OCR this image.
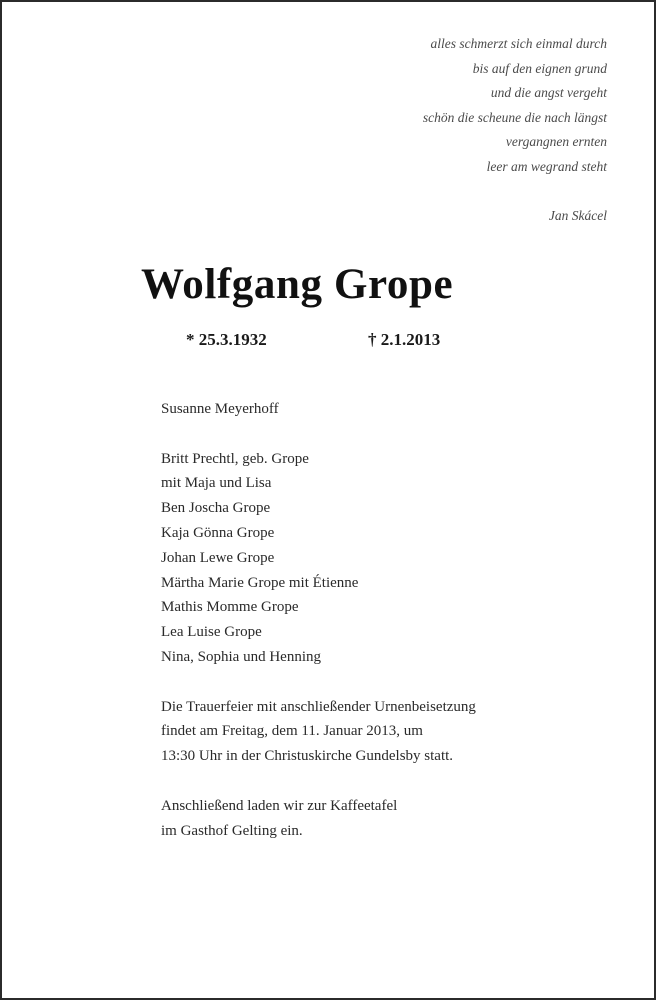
alles schmerzt sich einmal durch
bis auf den eignen grund
und die angst vergeht
schön die scheune die nach längst
vergangnen ernten
leer am wegrand steht
Jan Skácel
Wolfgang Grope
* 25.3.1932	† 2.1.2013
Susanne Meyerhoff
Britt Prechtl, geb. Grope
mit Maja und Lisa
Ben Joscha Grope
Kaja Gönna Grope
Johan Lewe Grope
Märtha Marie Grope mit Étienne
Mathis Momme Grope
Lea Luise Grope
Nina, Sophia und Henning
Die Trauerfeier mit anschließender Urnenbeisetzung
findet am Freitag, dem 11. Januar 2013, um
13:30 Uhr in der Christuskirche Gundelsby statt.
Anschließend laden wir zur Kaffeetafel
im Gasthof Gelting ein.
